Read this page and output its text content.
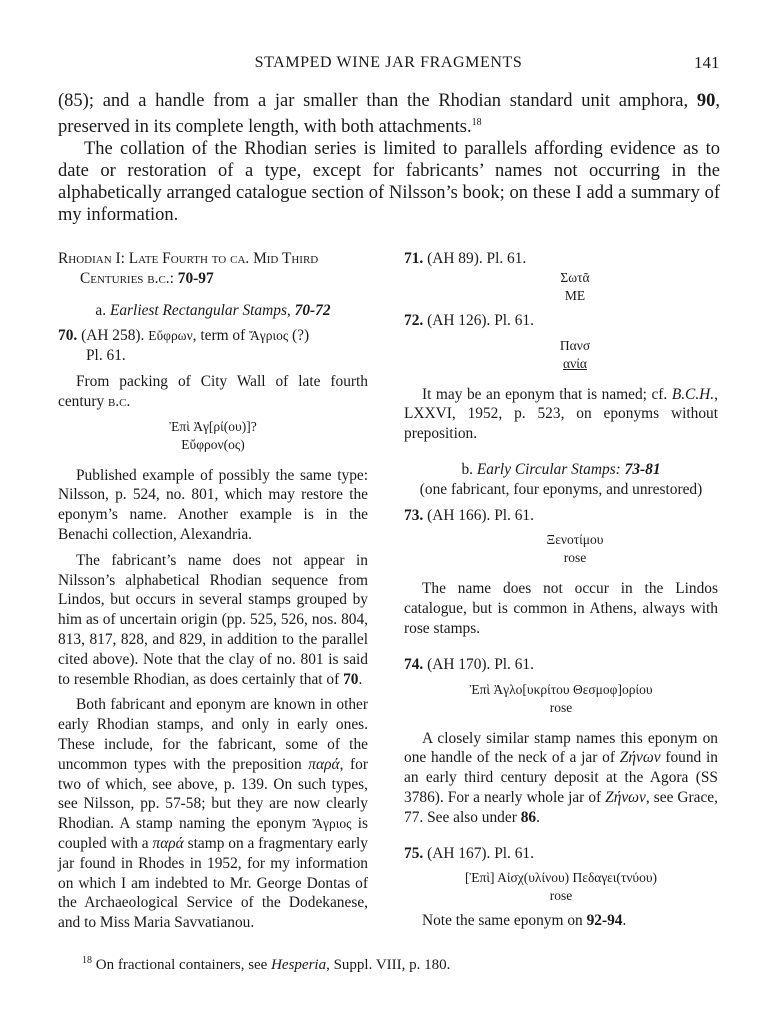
STAMPED WINE JAR FRAGMENTS	141

(85); and a handle from a jar smaller than the Rhodian standard unit amphora, 90, preserved in its complete length, with both attachments.$^{18}$

The collation of the Rhodian series is limited to parallels affording evidence as to date or restoration of a type, except for fabricants’ names not occurring in the alphabetically arranged catalogue section of Nilsson’s book; on these I add a summary of my information.

Rhodian I: Late Fourth to ca. Mid Third

Centuries b.c.: 70-97

a. Earliest Rectangular Stamps, 70-72

70. (AH 258). Εὔφρων, term of Ἄγριος (?)

Pl. 61.

From packing of City Wall of late fourth century b.c.

Ἐπὶ Ἀγ[ρί(ου)]?
Εὔφρον(ος)

Published example of possibly the same type: Nilsson, p. 524, no. 801, which may restore the eponym’s name. Another example is in the Benachi collection, Alexandria.

The fabricant’s name does not appear in Nilsson’s alphabetical Rhodian sequence from Lindos, but occurs in several stamps grouped by him as of uncertain origin (pp. 525, 526, nos. 804, 813, 817, 828, and 829, in addition to the parallel cited above). Note that the clay of no. 801 is said to resemble Rhodian, as does certainly that of 70.

Both fabricant and eponym are known in other early Rhodian stamps, and only in early ones. These include, for the fabricant, some of the uncommon types with the preposition παρά, for two of which, see above, p. 139. On such types, see Nilsson, pp. 57-58; but they are now clearly Rhodian. A stamp naming the eponym Ἄγριος is coupled with a παρά stamp on a fragmentary early jar found in Rhodes in 1952, for my information on which I am indebted to Mr. George Dontas of the Archaeological Service of the Dodekanese, and to Miss Maria Savvatianou.

71. (AH 89). Pl. 61.

Σωτᾶ
ΜΕ

72. (AH 126). Pl. 61.

Πανσ
ανία

It may be an eponym that is named; cf. B.C.H., LXXVI, 1952, p. 523, on eponyms without preposition.

b. Early Circular Stamps: 73-81

(one fabricant, four eponyms, and unrestored)

73. (AH 166). Pl. 61.

Ξενοτίμου
rose

The name does not occur in the Lindos catalogue, but is common in Athens, always with rose stamps.

74. (AH 170). Pl. 61.

Ἐπὶ Ἀγλο[υκρίτου Θεσμοφ]ορίου
rose

A closely similar stamp names this eponym on one handle of the neck of a jar of Ζήνων found in an early third century deposit at the Agora (SS 3786). For a nearly whole jar of Ζήνων, see Grace, 77. See also under 86.

75. (AH 167). Pl. 61.

[Ἐπὶ] Αἰσχ(υλίνου) Πεδαγει(τνύου)
rose

Note the same eponym on 92-94.

$^{18}$ On fractional containers, see Hesperia, Suppl. VIII, p. 180.
